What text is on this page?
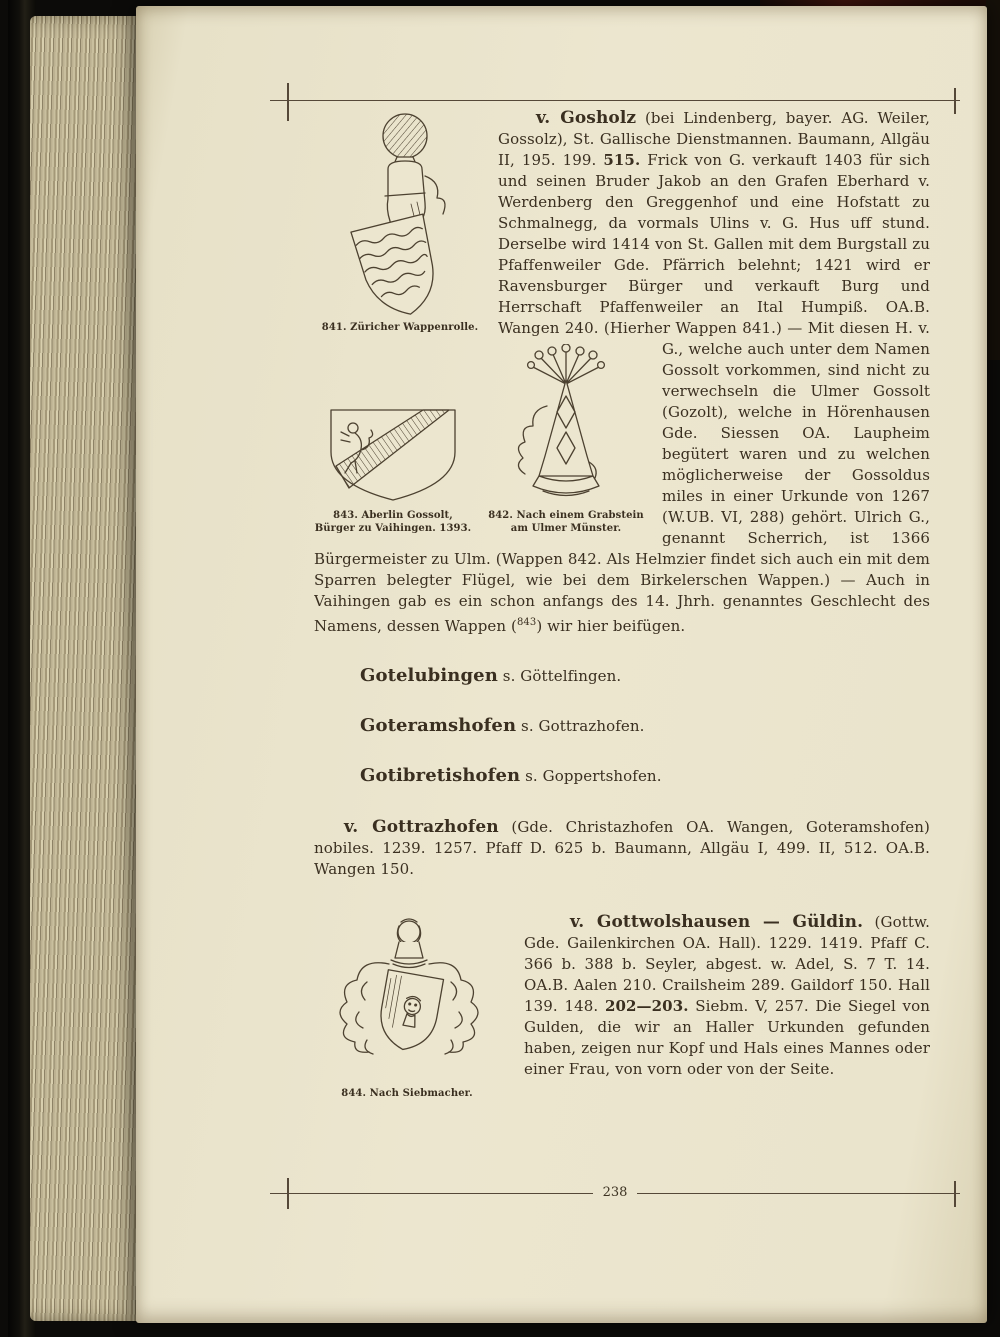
841. Züricher Wappenrolle.
843. Aberlin Gossolt, Bürger zu Vaihingen. 1393.
842. Nach einem Grabstein am Ulmer Münster.

v. Gosholz (bei Lindenberg, bayer. AG. Weiler, Gossolz), St. Gallische Dienstmannen. Baumann, Allgäu II, 195. 199. 515. Frick von G. verkauft 1403 für sich und seinen Bruder Jakob an den Grafen Eberhard v. Werdenberg den Greggenhof und eine Hofstatt zu Schmalnegg, da vormals Ulins v. G. Hus uff stund. Derselbe wird 1414 von St. Gallen mit dem Burgstall zu Pfaffenweiler Gde. Pfärrich belehnt; 1421 wird er Ravensburger Bürger und verkauft Burg und Herrschaft Pfaffenweiler an Ital Humpiß. OA.B. Wangen 240. (Hierher Wappen 841.) — Mit diesen H. v. G., welche auch unter dem Namen Gossolt vorkommen, sind nicht zu verwechseln die Ulmer Gossolt (Gozolt), welche in Hörenhausen Gde. Siessen OA. Laupheim begütert waren und zu welchen möglicherweise der Gossoldus miles in einer Urkunde von 1267 (W.UB. VI, 288) gehört. Ulrich G., genannt Scherrich, ist 1366 Bürgermeister zu Ulm. (Wappen 842. Als Helmzier findet sich auch ein mit dem Sparren belegter Flügel, wie bei dem Birkelerschen Wappen.) — Auch in Vaihingen gab es ein schon anfangs des 14. Jhrh. genanntes Geschlecht des Namens, dessen Wappen ($^{843}$) wir hier beifügen.

Gotelubingen s. Göttelfingen.

Goteramshofen s. Gottrazhofen.

Gotibretishofen s. Goppertshofen.

v. Gottrazhofen (Gde. Christazhofen OA. Wangen, Goteramshofen) nobiles. 1239. 1257. Pfaff D. 625 b. Baumann, Allgäu I, 499. II, 512. OA.B. Wangen 150.

844. Nach Siebmacher.

v. Gottwolshausen — Güldin. (Gottw. Gde. Gailenkirchen OA. Hall). 1229. 1419. Pfaff C. 366 b. 388 b. Seyler, abgest. w. Adel, S. 7 T. 14. OA.B. Aalen 210. Crailsheim 289. Gaildorf 150. Hall 139. 148. 202—203. Siebm. V, 257. Die Siegel von Gulden, die wir an Haller Urkunden gefunden haben, zeigen nur Kopf und Hals eines Mannes oder einer Frau, von vorn oder von der Seite.

238
